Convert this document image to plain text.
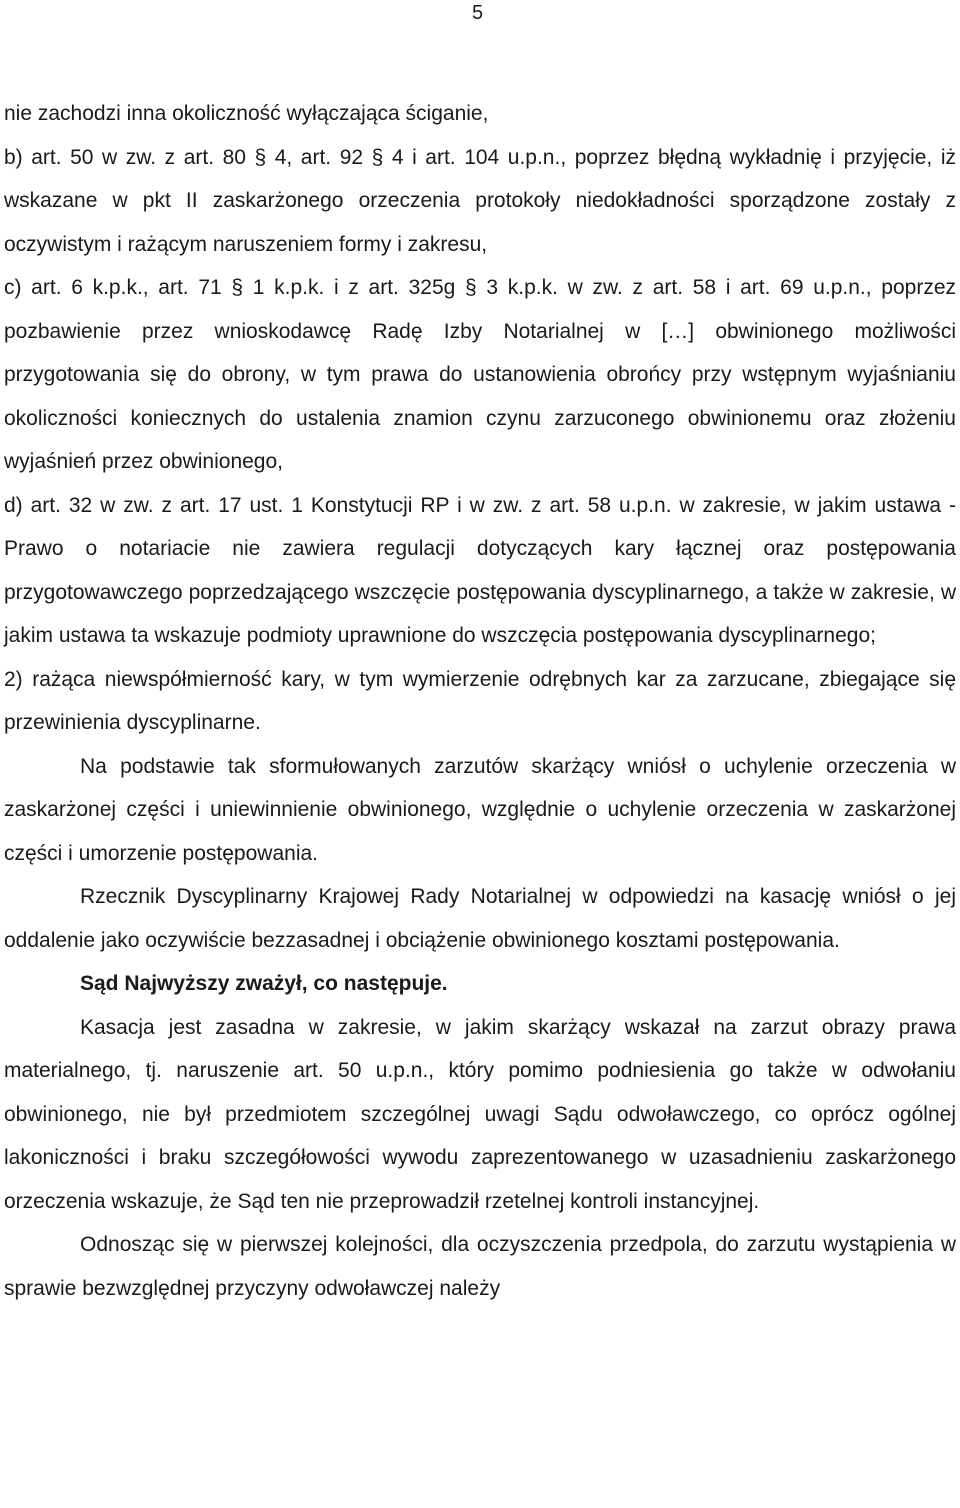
5

nie zachodzi inna okoliczność wyłączająca ściganie,

b) art. 50 w zw. z art. 80 § 4, art. 92 § 4 i art. 104 u.p.n., poprzez błędną wykładnię i przyjęcie, iż wskazane w pkt II zaskarżonego orzeczenia protokoły niedokładności sporządzone zostały z oczywistym i rażącym naruszeniem formy i zakresu,

c) art. 6 k.p.k., art. 71 § 1 k.p.k. i z art. 325g § 3 k.p.k. w zw. z art. 58 i art. 69 u.p.n., poprzez pozbawienie przez wnioskodawcę Radę Izby Notarialnej w […] obwinionego możliwości przygotowania się do obrony, w tym prawa do ustanowienia obrońcy przy wstępnym wyjaśnianiu okoliczności koniecznych do ustalenia znamion czynu zarzuconego obwinionemu oraz złożeniu wyjaśnień przez obwinionego,

d) art. 32 w zw. z art. 17 ust. 1 Konstytucji RP i w zw. z art. 58 u.p.n. w zakresie, w jakim ustawa - Prawo o notariacie nie zawiera regulacji dotyczących kary łącznej oraz postępowania przygotowawczego poprzedzającego wszczęcie postępowania dyscyplinarnego, a także w zakresie, w jakim ustawa ta wskazuje podmioty uprawnione do wszczęcia postępowania dyscyplinarnego;

2) rażąca niewspółmierność kary, w tym wymierzenie odrębnych kar za zarzucane, zbiegające się przewinienia dyscyplinarne.

Na podstawie tak sformułowanych zarzutów skarżący wniósł o uchylenie orzeczenia w zaskarżonej części i uniewinnienie obwinionego, względnie o uchylenie orzeczenia w zaskarżonej części i umorzenie postępowania.

Rzecznik Dyscyplinarny Krajowej Rady Notarialnej w odpowiedzi na kasację wniósł o jej oddalenie jako oczywiście bezzasadnej i obciążenie obwinionego kosztami postępowania.

Sąd Najwyższy zważył, co następuje.

Kasacja jest zasadna w zakresie, w jakim skarżący wskazał na zarzut obrazy prawa materialnego, tj. naruszenie art. 50 u.p.n., który pomimo podniesienia go także w odwołaniu obwinionego, nie był przedmiotem szczególnej uwagi Sądu odwoławczego, co oprócz ogólnej lakoniczności i braku szczegółowości wywodu zaprezentowanego w uzasadnieniu zaskarżonego orzeczenia wskazuje, że Sąd ten nie przeprowadził rzetelnej kontroli instancyjnej.

Odnosząc się w pierwszej kolejności, dla oczyszczenia przedpola, do zarzutu wystąpienia w sprawie bezwzględnej przyczyny odwoławczej należy
